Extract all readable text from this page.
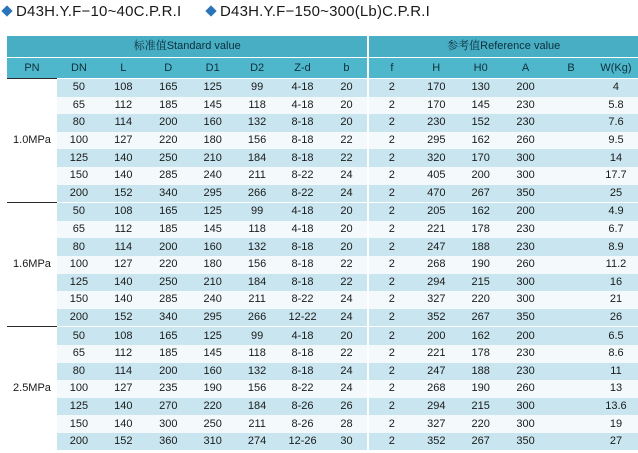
D43H.Y.F−10~40C.P.R.I	D43H.Y.F−150~300(Lb)C.P.R.I
标准值Standard value								参考值Reference value					
PN	DN	L	D	D1	D2	Z-d	b	f	H	H0	A	B	W(Kg)
1.0MPa	50	108	165	125	99	4-18	20	2	170	130	200		4
	65	112	185	145	118	4-18	20	2	170	145	230		5.8
	80	114	200	160	132	8-18	20	2	230	152	230		7.6
	100	127	220	180	156	8-18	22	2	295	162	260		9.5
	125	140	250	210	184	8-18	22	2	320	170	300		14
	150	140	285	240	211	8-22	24	2	405	200	300		17.7
	200	152	340	295	266	8-22	24	2	470	267	350		25
1.6MPa	50	108	165	125	99	4-18	20	2	205	162	200		4.9
	65	112	185	145	118	4-18	20	2	221	178	230		6.7
	80	114	200	160	132	8-18	20	2	247	188	230		8.9
	100	127	220	180	156	8-18	22	2	268	190	260		11.2
	125	140	250	210	184	8-18	22	2	294	215	300		16
	150	140	285	240	211	8-22	24	2	327	220	300		21
	200	152	340	295	266	12-22	24	2	352	267	350		26
2.5MPa	50	108	165	125	99	4-18	20	2	200	162	200		6.5
	65	112	185	145	118	8-18	22	2	221	178	230		8.6
	80	114	200	160	132	8-18	24	2	247	188	230		11
	100	127	235	190	156	8-22	24	2	268	190	260		13
	125	140	270	220	184	8-26	26	2	294	215	300		13.6
	150	140	300	250	211	8-26	28	2	327	220	300		19
	200	152	360	310	274	12-26	30	2	352	267	350		27
